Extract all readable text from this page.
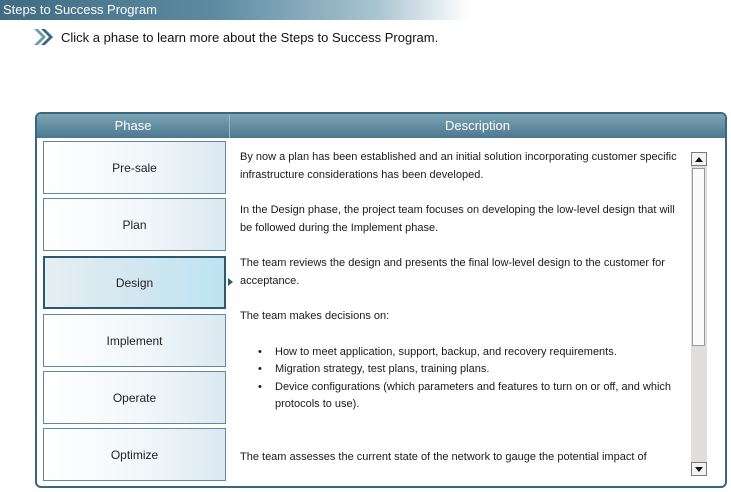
Steps to Success Program
Click a phase to learn more about the Steps to Success Program.
Phase	Description
Pre-sale
Plan
Design
Implement
Operate
Optimize

By now a plan has been established and an initial solution incorporating customer specific infrastructure considerations has been developed.

In the Design phase, the project team focuses on developing the low-level design that will be followed during the Implement phase.

The team reviews the design and presents the final low-level design to the customer for acceptance.

The team makes decisions on:

• How to meet application, support, backup, and recovery requirements.
• Migration strategy, test plans, training plans.
• Device configurations (which parameters and features to turn on or off, and which protocols to use).

The team assesses the current state of the network to gauge the potential impact of
